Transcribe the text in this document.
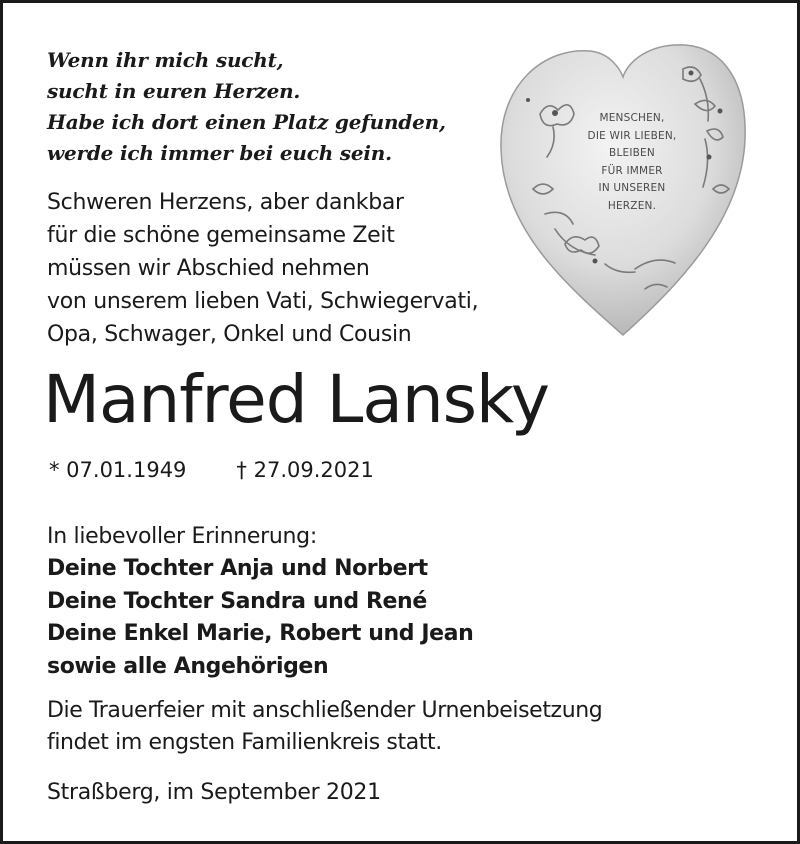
Wenn ihr mich sucht,
sucht in euren Herzen.
Habe ich dort einen Platz gefunden,
werde ich immer bei euch sein.
Schweren Herzens, aber dankbar
für die schöne gemeinsame Zeit
müssen wir Abschied nehmen
von unserem lieben Vati, Schwiegervati,
Opa, Schwager, Onkel und Cousin
MENSCHEN,
DIE WIR LIEBEN,
BLEIBEN
FÜR IMMER
IN UNSEREN
HERZEN.
Manfred Lansky
* 07.01.1949 † 27.09.2021
In liebevoller Erinnerung:
Deine Tochter Anja und Norbert
Deine Tochter Sandra und René
Deine Enkel Marie, Robert und Jean
sowie alle Angehörigen
Die Trauerfeier mit anschließender Urnenbeisetzung
findet im engsten Familienkreis statt.
Straßberg, im September 2021
